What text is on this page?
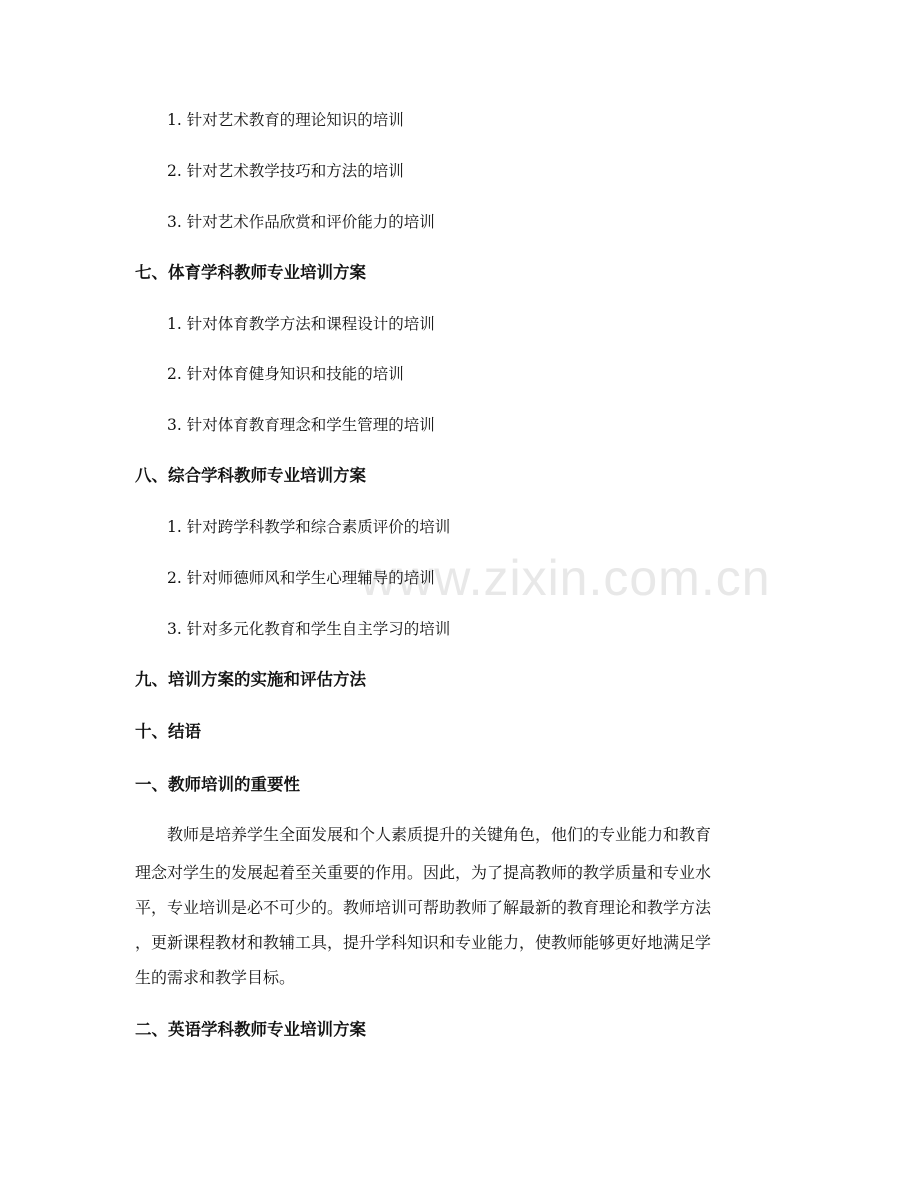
www.zixin.com.cn
1. 针对艺术教育的理论知识的培训
2. 针对艺术教学技巧和方法的培训
3. 针对艺术作品欣赏和评价能力的培训
七、体育学科教师专业培训方案
1. 针对体育教学方法和课程设计的培训
2. 针对体育健身知识和技能的培训
3. 针对体育教育理念和学生管理的培训
八、综合学科教师专业培训方案
1. 针对跨学科教学和综合素质评价的培训
2. 针对师德师风和学生心理辅导的培训
3. 针对多元化教育和学生自主学习的培训
九、培训方案的实施和评估方法
十、结语
一、教师培训的重要性
教师是培养学生全面发展和个人素质提升的关键角色，他们的专业能力和教育
理念对学生的发展起着至关重要的作用。因此，为了提高教师的教学质量和专业水
平，专业培训是必不可少的。教师培训可帮助教师了解最新的教育理论和教学方法
，更新课程教材和教辅工具，提升学科知识和专业能力，使教师能够更好地满足学
生的需求和教学目标。
二、英语学科教师专业培训方案
